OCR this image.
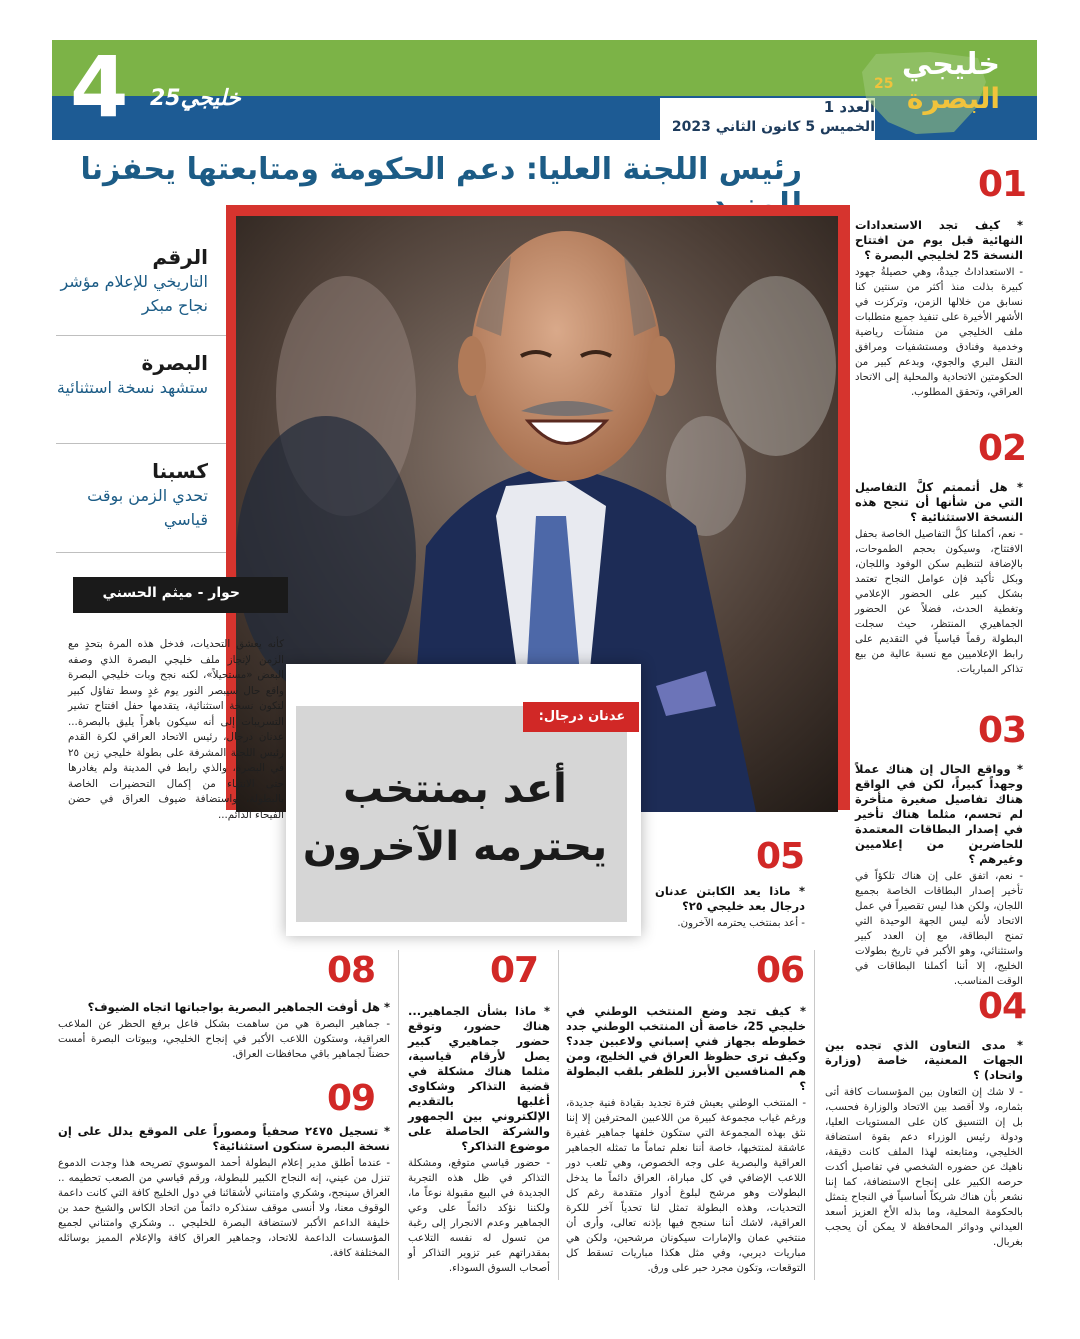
4 خليجي25	العدد 1
الخميس 5 كانون الثاني 2023
خليجي
البصرة
25
رئيس اللجنة العليا: دعم الحكومة ومتابعتها يحفزنا
الرقم
التاريخي للإعلام مؤشر نجاح مبكر
البصرة
ستشهد نسخة استثنائية
كسبنا
تحدي الزمن بوقت قياسي
حوار - ميثم الحسني
كأنه يعشق التحديات، فدخل هذه المرة بتحدٍ مع الزمن لإنجاز ملف خليجي البصرة الذي وصفه البعض «مستحيلاً»، لكنه نجح وبات خليجي البصرة واقع حال سيبصر النور يوم غدٍ وسط تفاؤل كبير لتكون نسخة استثنائية، يتقدمها حفل افتتاح تشير التسريبات إلى أنه سيكون باهراً يليق بالبصرة... عدنان درجال، رئيس الاتحاد العراقي لكرة القدم رئيس اللجنة المشرفة على بطولة خليجي زين ٢٥ في البصرة، والذي رابط في المدينة ولم يغادرها حتى الانتهاء من إكمال التحضيرات الخاصة بالبطولة، واستضافة ضيوف العراق في حضن الفيحاء الدائم...
عدنان درجال:
أعد بمنتخب يحترمه الآخرون
01
* كيف تجد الاستعدادات النهائية قبل يوم من افتتاح النسخة 25 لخليجي البصرة ؟
- الاستعداداتُ جيدةٌ، وهي حصيلةُ جهود كبيرة بذلت منذ أكثر من سنتين كنا نسابق من خلالها الزمن، وتركزت في الأشهر الأخيرة على تنفيذ جميع متطلبات ملف الخليجي من منشآت رياضية وخدمية وفنادق ومستشفيات ومرافق النقل البري والجوي، وبدعم كبير من الحكومتين الاتحادية والمحلية إلى الاتحاد العراقي، وتحقق المطلوب.
02
* هل أتممتم كلَّ التفاصيل التي من شأنها أن تنجح هذه النسخة الاستثنائية ؟
- نعم، أكملنا كلَّ التفاصيل الخاصة بحفل الافتتاح، وسيكون بحجم الطموحات، بالإضافة لتنظيم سكن الوفود واللجان، وبكل تأكيد فإن عوامل النجاح تعتمد بشكل كبير على الحضور الإعلامي وتغطية الحدث، فضلاً عن الحضور الجماهيري المنتظر، حيث سجلت البطولة رقماً قياسياً في التقديم على رابط الإعلاميين مع نسبة عالية من بيع تذاكر المباريات.
03
* وواقع الحال إن هناك عملاً وجهداً كبيراً، لكن في الواقع هناك تفاصيل صغيرة متأخرة لم تحسم، مثلما هناك تأخير في إصدار البطاقات المعتمدة للحاضرين من إعلاميين وغيرهم ؟
- نعم، اتفق على إن هناك تلكؤاً في تأخير إصدار البطاقات الخاصة بجميع اللجان، ولكن هذا ليس تقصيراً في عمل الاتحاد لأنه ليس الجهة الوحيدة التي تمنح البطاقة، مع إن العدد كبير واستثنائي، وهو الأكبر في تاريخ بطولات الخليج، إلا أننا أكملنا البطاقات في الوقت المناسب.
04
* مدى التعاون الذي تجده بين الجهات المعنية، خاصة (وزارة واتحاد) ؟
- لا شك إن التعاون بين المؤسسات كافة أتى بثماره، ولا أقصد بين الاتحاد والوزارة فحسب، بل إن التنسيق كان على المستويات العليا، ودولة رئيس الوزراء دعم بقوة استضافة الخليجي، ومتابعته لهذا الملف كانت دقيقة، ناهيك عن حضوره الشخصي في تفاصيل أكدت حرصه الكبير على إنجاح الاستضافة، كما إننا نشعر بأن هناك شريكاً أساسياً في النجاح يتمثل بالحكومة المحلية، وما بذله الأخ العزيز أسعد العيداني ودوائر المحافظة لا يمكن أن يحجب بغربال.
05
* ماذا يعد الكابتن عدنان درجال بعد خليجي ٢٥؟
- أعد بمنتخب يحترمه الآخرون.
06
* كيف تجد وضع المنتخب الوطني في خليجي 25، خاصة أن المنتخب الوطني جدد خطوطه بجهاز فني إسباني ولاعبين جدد؟ وكيف ترى حظوظ العراق في الخليج، ومن هم المنافسين الأبرز للظفر بلقب البطولة ؟
- المنتخب الوطني يعيش فترة تجديد بقيادة فنية جديدة، ورغم غياب مجموعة كبيرة من اللاعبين المحترفين إلا إننا نثق بهذه المجموعة التي ستكون خلفها جماهير غفيرة عاشقة لمنتخبها، خاصة أننا نعلم تماماً ما تمثله الجماهير العراقية والبصرية على وجه الخصوص، وهي تلعب دور اللاعب الإضافي في كل مباراة، العراق دائماً ما يدخل البطولات وهو مرشح لبلوغ أدوار متقدمة رغم كل التحديات، وهذه البطولة تمثل لنا تحدياً آخر للكرة العراقية، لاشك أننا سنجح فيها بإذنه تعالى، وأرى أن منتخبي عمان والإمارات سيكونان مرشحين، ولكن هي مباريات ديربي، وفي مثل هكذا مباريات تسقط كل التوقعات، وتكون مجرد حبر على ورق.
07
* ماذا بشأن الجماهير... هناك حضور، وتوقع حضور جماهيري كبير يصل لأرقام قياسية، مثلما هناك مشكلة في قضية التذاكر وشكاوى أغلبها بالتقديم الإلكتروني بين الجمهور والشركة الحاصلة على موضوع التذاكر؟
- حضور قياسي متوقع، ومشكلة التذاكر في ظل هذه التجربة الجديدة في البيع مقبولة نوعاً ما، ولكننا نؤكد دائماً على وعي الجماهير وعدم الانجرار إلى رغبة من تسول له نفسه التلاعب بمقدراتهم عبر تزوير التذاكر أو أصحاب السوق السوداء.
08
* هل أوفت الجماهير البصرية بواجباتها اتجاه الضيوف؟
- جماهير البصرة هي من ساهمت بشكل فاعل برفع الحظر عن الملاعب العراقية، وستكون اللاعب الأكبر في إنجاح الخليجي، وبيوتات البصرة أمست حضناً لجماهير باقي محافظات العراق.
09
* تسجيل ٢٤٧٥ صحفياً ومصوراً على الموقع يدلل على إن نسخة البصرة ستكون استثنائية؟
- عندما أطلق مدير إعلام البطولة أحمد الموسوي تصريحه هذا وجدت الدموع تنزل من عيني، إنه النجاح الكبير للبطولة، ورقم قياسي من الصعب تحطيمه .. العراق سينجح، وشكري وامتناني لأشقائنا في دول الخليج كافة التي كانت داعمة الوقوف معنا، ولا أنسى موقف سنذكره دائماً من اتحاد الكاس والشيخ حمد بن خليفة الداعم الأكبر لاستضافة البصرة للخليجي .. وشكري وامتناني لجميع المؤسسات الداعمة للاتحاد، وجماهير العراق كافة والإعلام المميز بوسائله المختلفة كافة.
